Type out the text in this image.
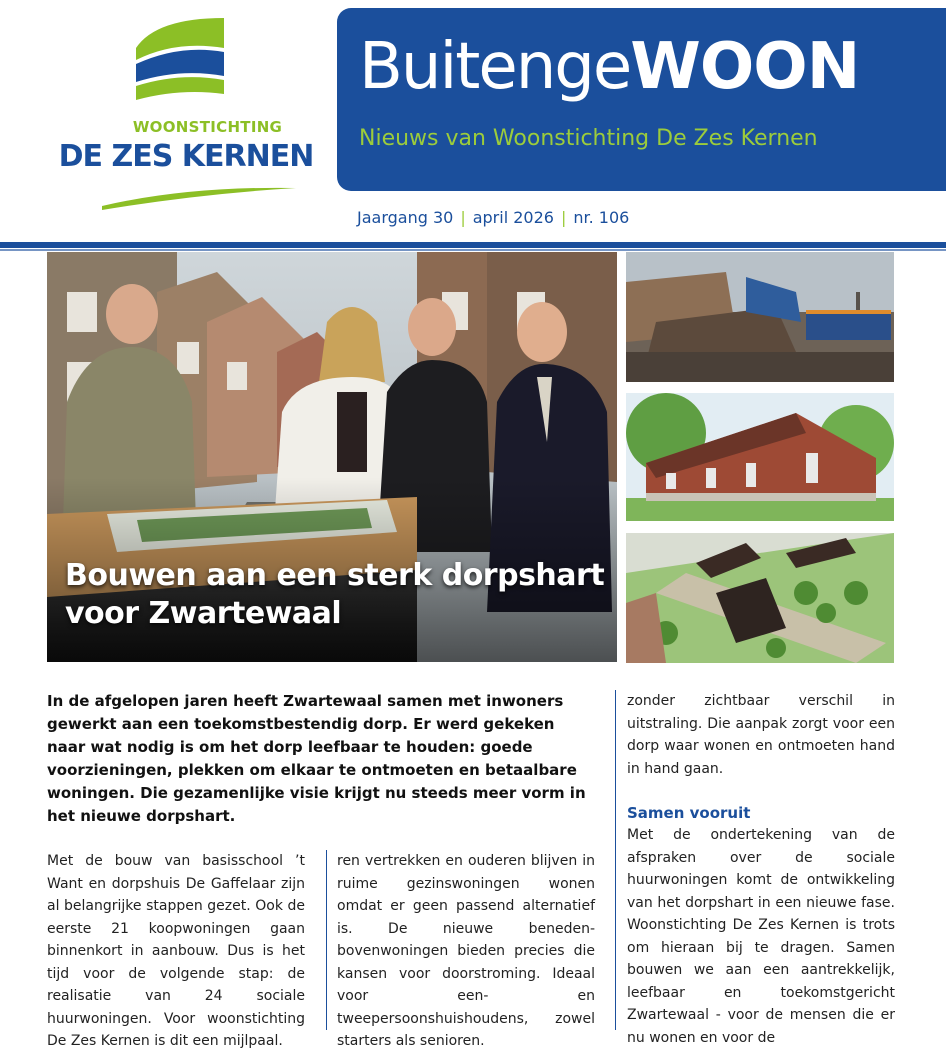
WOONSTICHTING
DE ZES KERNEN
BuitengeWOON
Nieuws van Woonstichting De Zes Kernen
Jaargang 30 | april 2026 | nr. 106
Bouwen aan een sterk dorpshart voor Zwartewaal
In de afgelopen jaren heeft Zwartewaal samen met inwoners gewerkt aan een toekomstbestendig dorp. Er werd gekeken naar wat nodig is om het dorp leefbaar te houden: goede voorzieningen, plekken om elkaar te ontmoeten en betaalbare woningen. Die gezamenlijke visie krijgt nu steeds meer vorm in het nieuwe dorpshart.

Met de bouw van basisschool ’t Want en dorpshuis De Gaffelaar zijn al belangrijke stappen gezet. Ook de eerste 21 koopwoningen gaan binnenkort in aanbouw. Dus is het tijd voor de volgende stap: de realisatie van 24 sociale huurwoningen. Voor woonstichting De Zes Kernen is dit een mijlpaal.

ren vertrekken en ouderen blijven in ruime gezinswoningen wonen omdat er geen passend alternatief is. De nieuwe beneden-bovenwoningen bieden precies die kansen voor doorstroming. Ideaal voor een- en tweepersoonshuishoudens, zowel starters als senioren.

zonder zichtbaar verschil in uitstraling. Die aanpak zorgt voor een dorp waar wonen en ontmoeten hand in hand gaan.

Samen vooruit

Met de ondertekening van de afspraken over de sociale huurwoningen komt de ontwikkeling van het dorpshart in een nieuwe fase. Woonstichting De Zes Kernen is trots om hieraan bij te dragen. Samen bouwen we aan een aantrekkelijk, leefbaar en toekomstgericht Zwartewaal - voor de mensen die er nu wonen en voor de
